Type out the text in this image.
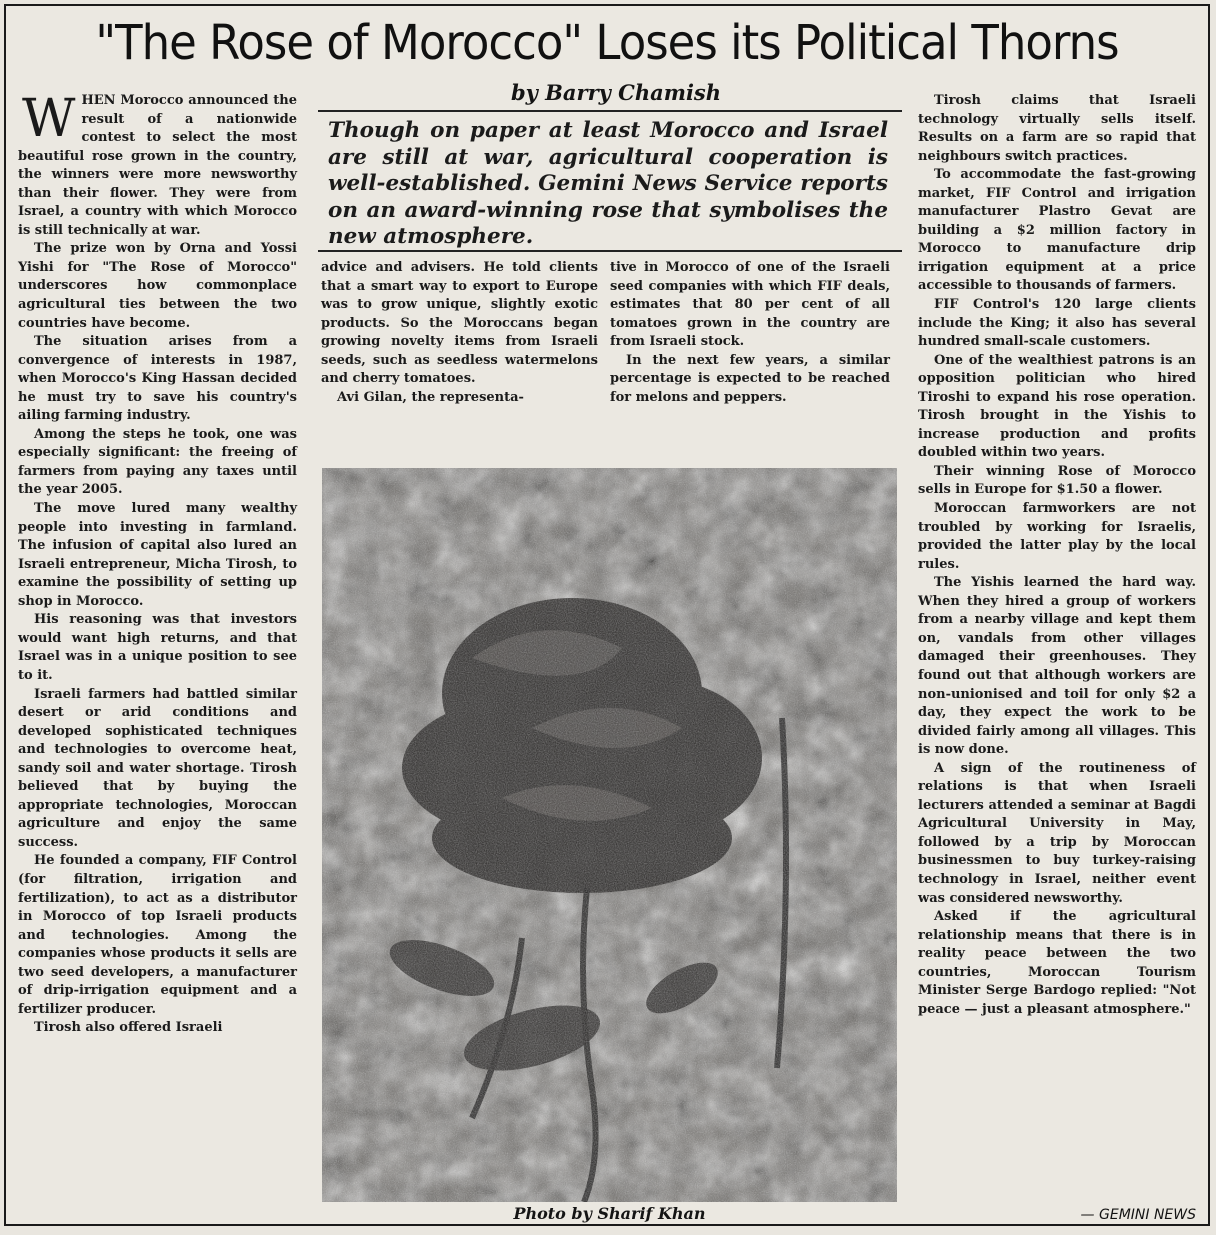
"The Rose of Morocco" Loses its Political Thorns
by Barry Chamish
Though on paper at least Morocco and Israel are still at war, agricultural cooperation is well-established. Gemini News Service reports on an award-winning rose that symbolises the new atmosphere.

WHEN Morocco announced the result of a nationwide contest to select the most beautiful rose grown in the country, the winners were more newsworthy than their flower. They were from Israel, a country with which Morocco is still technically at war.

The prize won by Orna and Yossi Yishi for "The Rose of Morocco" underscores how commonplace agricultural ties between the two countries have become.

The situation arises from a convergence of interests in 1987, when Morocco's King Hassan decided he must try to save his country's ailing farming industry.

Among the steps he took, one was especially significant: the freeing of farmers from paying any taxes until the year 2005.

The move lured many wealthy people into investing in farmland. The infusion of capital also lured an Israeli entrepreneur, Micha Tirosh, to examine the possibility of setting up shop in Morocco.

His reasoning was that investors would want high returns, and that Israel was in a unique position to see to it.

Israeli farmers had battled similar desert or arid conditions and developed sophisticated techniques and technologies to overcome heat, sandy soil and water shortage. Tirosh believed that by buying the appropriate technologies, Moroccan agriculture and enjoy the same success.

He founded a company, FIF Control (for filtration, irrigation and fertilization), to act as a distributor in Morocco of top Israeli products and technologies. Among the companies whose products it sells are two seed developers, a manufacturer of drip-irrigation equipment and a fertilizer producer.

Tirosh also offered Israeli

advice and advisers. He told clients that a smart way to export to Europe was to grow unique, slightly exotic products. So the Moroccans began growing novelty items from Israeli seeds, such as seedless watermelons and cherry tomatoes.

Avi Gilan, the representa-

tive in Morocco of one of the Israeli seed companies with which FIF deals, estimates that 80 per cent of all tomatoes grown in the country are from Israeli stock.

In the next few years, a similar percentage is expected to be reached for melons and peppers.

Photo by Sharif Khan

Tirosh claims that Israeli technology virtually sells itself. Results on a farm are so rapid that neighbours switch practices.

To accommodate the fast-growing market, FIF Control and irrigation manufacturer Plastro Gevat are building a $2 million factory in Morocco to manufacture drip irrigation equipment at a price accessible to thousands of farmers.

FIF Control's 120 large clients include the King; it also has several hundred small-scale customers.

One of the wealthiest patrons is an opposition politician who hired Tiroshi to expand his rose operation. Tirosh brought in the Yishis to increase production and profits doubled within two years.

Their winning Rose of Morocco sells in Europe for $1.50 a flower.

Moroccan farmworkers are not troubled by working for Israelis, provided the latter play by the local rules.

The Yishis learned the hard way. When they hired a group of workers from a nearby village and kept them on, vandals from other villages damaged their greenhouses. They found out that although workers are non-unionised and toil for only $2 a day, they expect the work to be divided fairly among all villages. This is now done.

A sign of the routineness of relations is that when Israeli lecturers attended a seminar at Bagdi Agricultural University in May, followed by a trip by Moroccan businessmen to buy turkey-raising technology in Israel, neither event was considered newsworthy.

Asked if the agricultural relationship means that there is in reality peace between the two countries, Moroccan Tourism Minister Serge Bardogo replied: "Not peace — just a pleasant atmosphere."

— GEMINI NEWS
